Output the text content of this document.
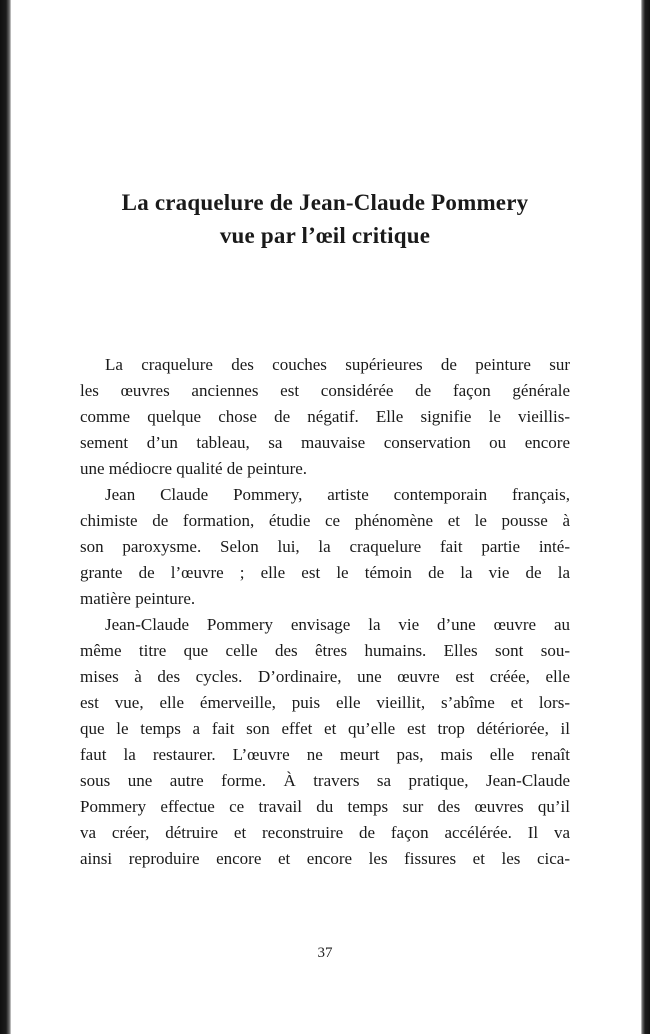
La craquelure de Jean-Claude Pommery
vue par l’œil critique
La craquelure des couches supérieures de peinture sur
les œuvres anciennes est considérée de façon générale
comme quelque chose de négatif. Elle signifie le vieillis-
sement d’un tableau, sa mauvaise conservation ou encore
une médiocre qualité de peinture.
Jean Claude Pommery, artiste contemporain français,
chimiste de formation, étudie ce phénomène et le pousse à
son paroxysme. Selon lui, la craquelure fait partie inté-
grante de l’œuvre ; elle est le témoin de la vie de la
matière peinture.
Jean-Claude Pommery envisage la vie d’une œuvre au
même titre que celle des êtres humains. Elles sont sou-
mises à des cycles. D’ordinaire, une œuvre est créée, elle
est vue, elle émerveille, puis elle vieillit, s’abîme et lors-
que le temps a fait son effet et qu’elle est trop détériorée, il
faut la restaurer. L’œuvre ne meurt pas, mais elle renaît
sous une autre forme. À travers sa pratique, Jean-Claude
Pommery effectue ce travail du temps sur des œuvres qu’il
va créer, détruire et reconstruire de façon accélérée. Il va
ainsi reproduire encore et encore les fissures et les cica-
37
